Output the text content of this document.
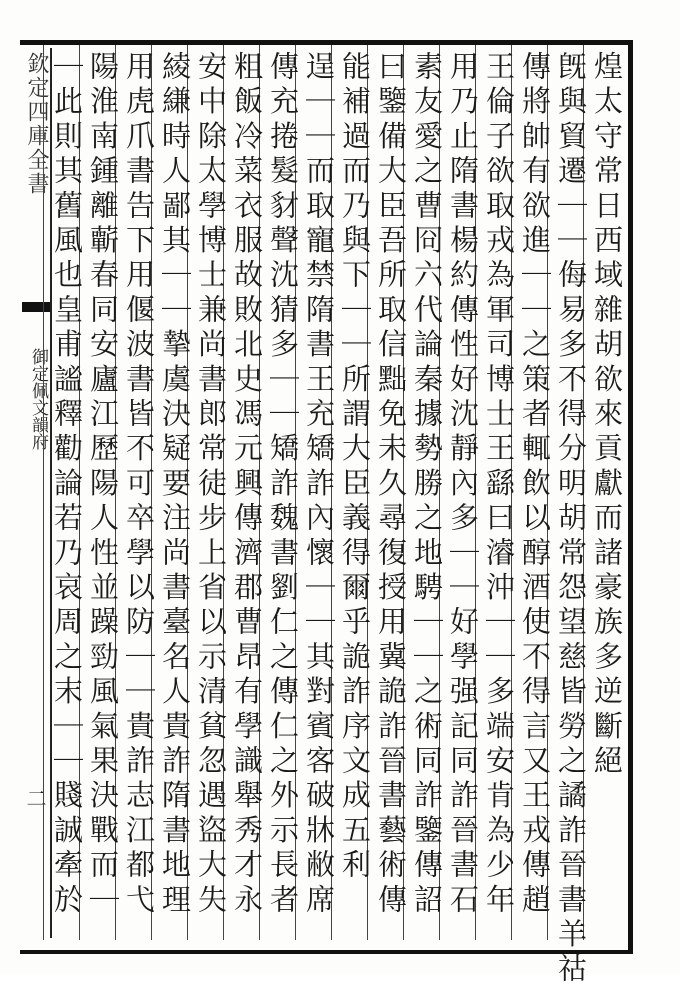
欽定四庫全書
御定佩文韻府
二
煌太守常日西域雜胡欲來貢獻而諸豪族多逆斷絕
旣與貿遷｜｜侮易多不得分明胡常怨望慈皆勞之譎詐晉書羊祜
傳將帥有欲進｜｜之策者輒飲以醇酒使不得言又王戎傳趙
王倫子欲取戎為軍司博士王繇曰濬沖｜｜多端安肯為少年
用乃止隋書楊約傳性好沈靜內多｜｜好學强記同詐晉書石
素友愛之曹冏六代論秦據勢勝之地騁｜｜之術同詐鑒傳詔
曰鑒備大臣吾所取信黜免未久尋復授用冀詭詐晉書藝術傳
能補過而乃與下｜｜所謂大臣義得爾乎詭詐序文成五利
逞｜｜而取寵禁隋書王充矯詐內懷｜｜其對賓客破牀敝席
傳充捲髮豺聲沈猜多｜｜矯詐魏書劉仁之傳仁之外示長者
粗飯冷菜衣服故敗北史馮元興傳濟郡曹昂有學識舉秀才永
安中除太學博士兼尚書郎常徒步上省以示清貧忽遇盜大失
綾縑時人鄙其｜｜摯虞決疑要注尚書臺名人貴詐隋書地理
用虎爪書告下用偃波書皆不可卒學以防｜｜貴詐志江都弋
陽淮南鍾離蘄春同安廬江歷陽人性並躁勁風氣果決戰而｜
｜此則其舊風也皇甫謐釋勸論若乃哀周之末｜｜賤誠牽於
